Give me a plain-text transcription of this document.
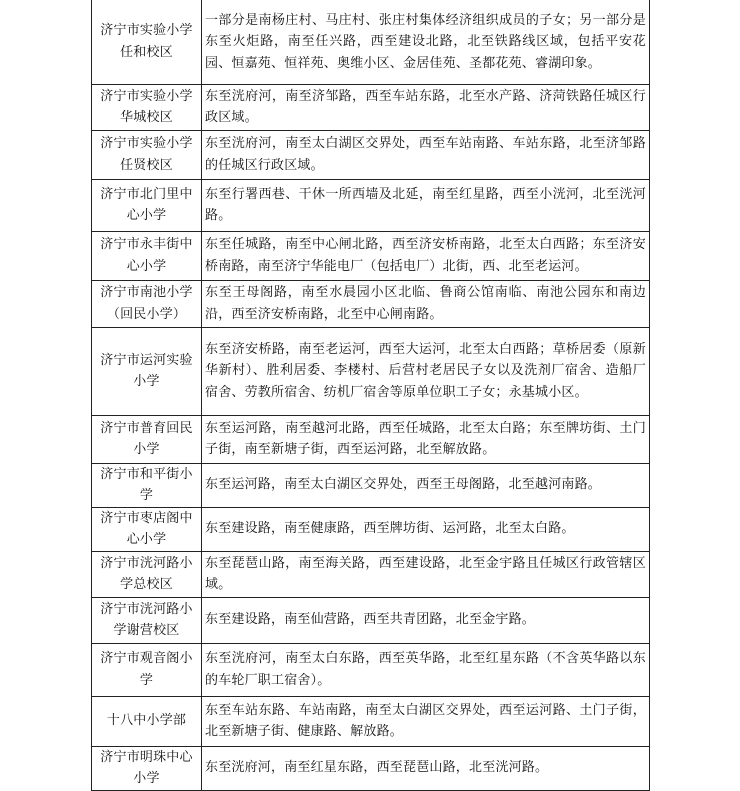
济宁市实验小学任和校区	一部分是南杨庄村、马庄村、张庄村集体经济组织成员的子女；另一部分是东至火炬路，南至任兴路，西至建设北路，北至铁路线区域，包括平安花园、恒嘉苑、恒祥苑、奥维小区、金居佳苑、圣都花苑、睿湖印象。
济宁市实验小学华城校区	东至洸府河，南至济邹路，西至车站东路，北至水产路、济菏铁路任城区行政区域。
济宁市实验小学任贤校区	东至洸府河，南至太白湖区交界处，西至车站南路、车站东路，北至济邹路的任城区行政区域。
济宁市北门里中心小学	东至行署西巷、干休一所西墙及北延，南至红星路，西至小洸河，北至洸河路。
济宁市永丰街中心小学	东至任城路，南至中心闸北路，西至济安桥南路，北至太白西路；东至济安桥南路，南至济宁华能电厂（包括电厂）北街，西、北至老运河。
济宁市南池小学（回民小学）	东至王母阁路，南至水晨园小区北临、鲁商公馆南临、南池公园东和南边沿，西至济安桥南路，北至中心闸南路。
济宁市运河实验小学	东至济安桥路，南至老运河，西至大运河，北至太白西路；草桥居委（原新华新村）、胜利居委、李楼村、后营村老居民子女以及洗剂厂宿舍、造船厂宿舍、劳教所宿舍、纺机厂宿舍等原单位职工子女；永基城小区。
济宁市普育回民小学	东至运河路，南至越河北路，西至任城路，北至太白路；东至牌坊街、土门子街，南至新塘子街，西至运河路，北至解放路。
济宁市和平街小学	东至运河路，南至太白湖区交界处，西至王母阁路，北至越河南路。
济宁市枣店阁中心小学	东至建设路，南至健康路，西至牌坊街、运河路，北至太白路。
济宁市洸河路小学总校区	东至琵琶山路，南至海关路，西至建设路，北至金宇路且任城区行政管辖区域。
济宁市洸河路小学谢营校区	东至建设路，南至仙营路，西至共青团路，北至金宇路。
济宁市观音阁小学	东至洸府河，南至太白东路，西至英华路，北至红星东路（不含英华路以东的车轮厂职工宿舍）。
十八中小学部	东至车站东路、车站南路，南至太白湖区交界处，西至运河路、土门子街，北至新塘子街、健康路、解放路。
济宁市明珠中心小学	东至洸府河，南至红星东路，西至琵琶山路，北至洸河路。
